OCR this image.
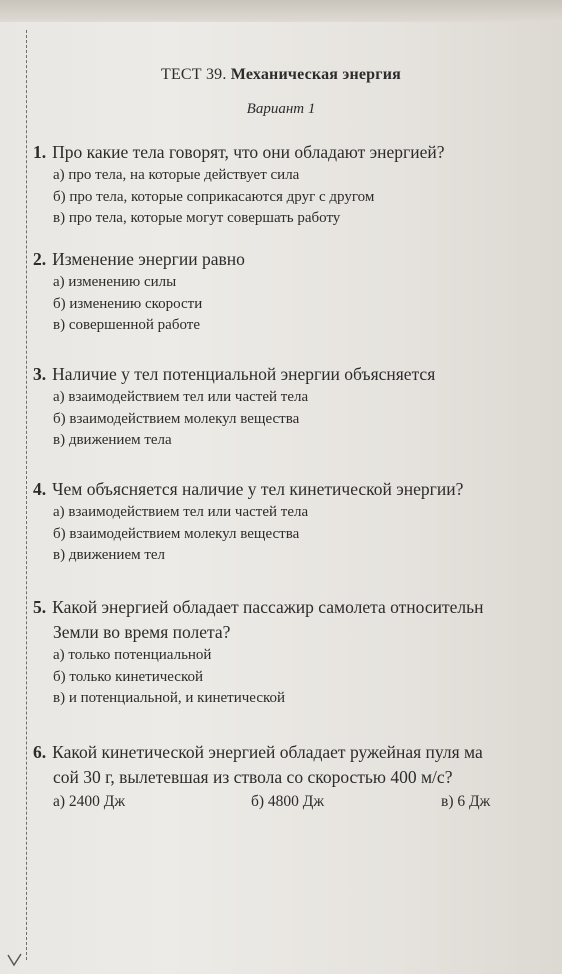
ТЕСТ 39. Механическая энергия
Вариант 1
1. Про какие тела говорят, что они обладают энергией?
а) про тела, на которые действует сила
б) про тела, которые соприкасаются друг с другом
в) про тела, которые могут совершать работу
2. Изменение энергии равно
а) изменению силы
б) изменению скорости
в) совершенной работе
3. Наличие у тел потенциальной энергии объясняется
а) взаимодействием тел или частей тела
б) взаимодействием молекул вещества
в) движением тела
4. Чем объясняется наличие у тел кинетической энергии?
а) взаимодействием тел или частей тела
б) взаимодействием молекул вещества
в) движением тел
5. Какой энергией обладает пассажир самолета относительн
Земли во время полета?
а) только потенциальной
б) только кинетической
в) и потенциальной, и кинетической
6. Какой кинетической энергией обладает ружейная пуля ма
сой 30 г, вылетевшая из ствола со скоростью 400 м/с?
а) 2400 Дж	б) 4800 Дж	в) 6 Дж
